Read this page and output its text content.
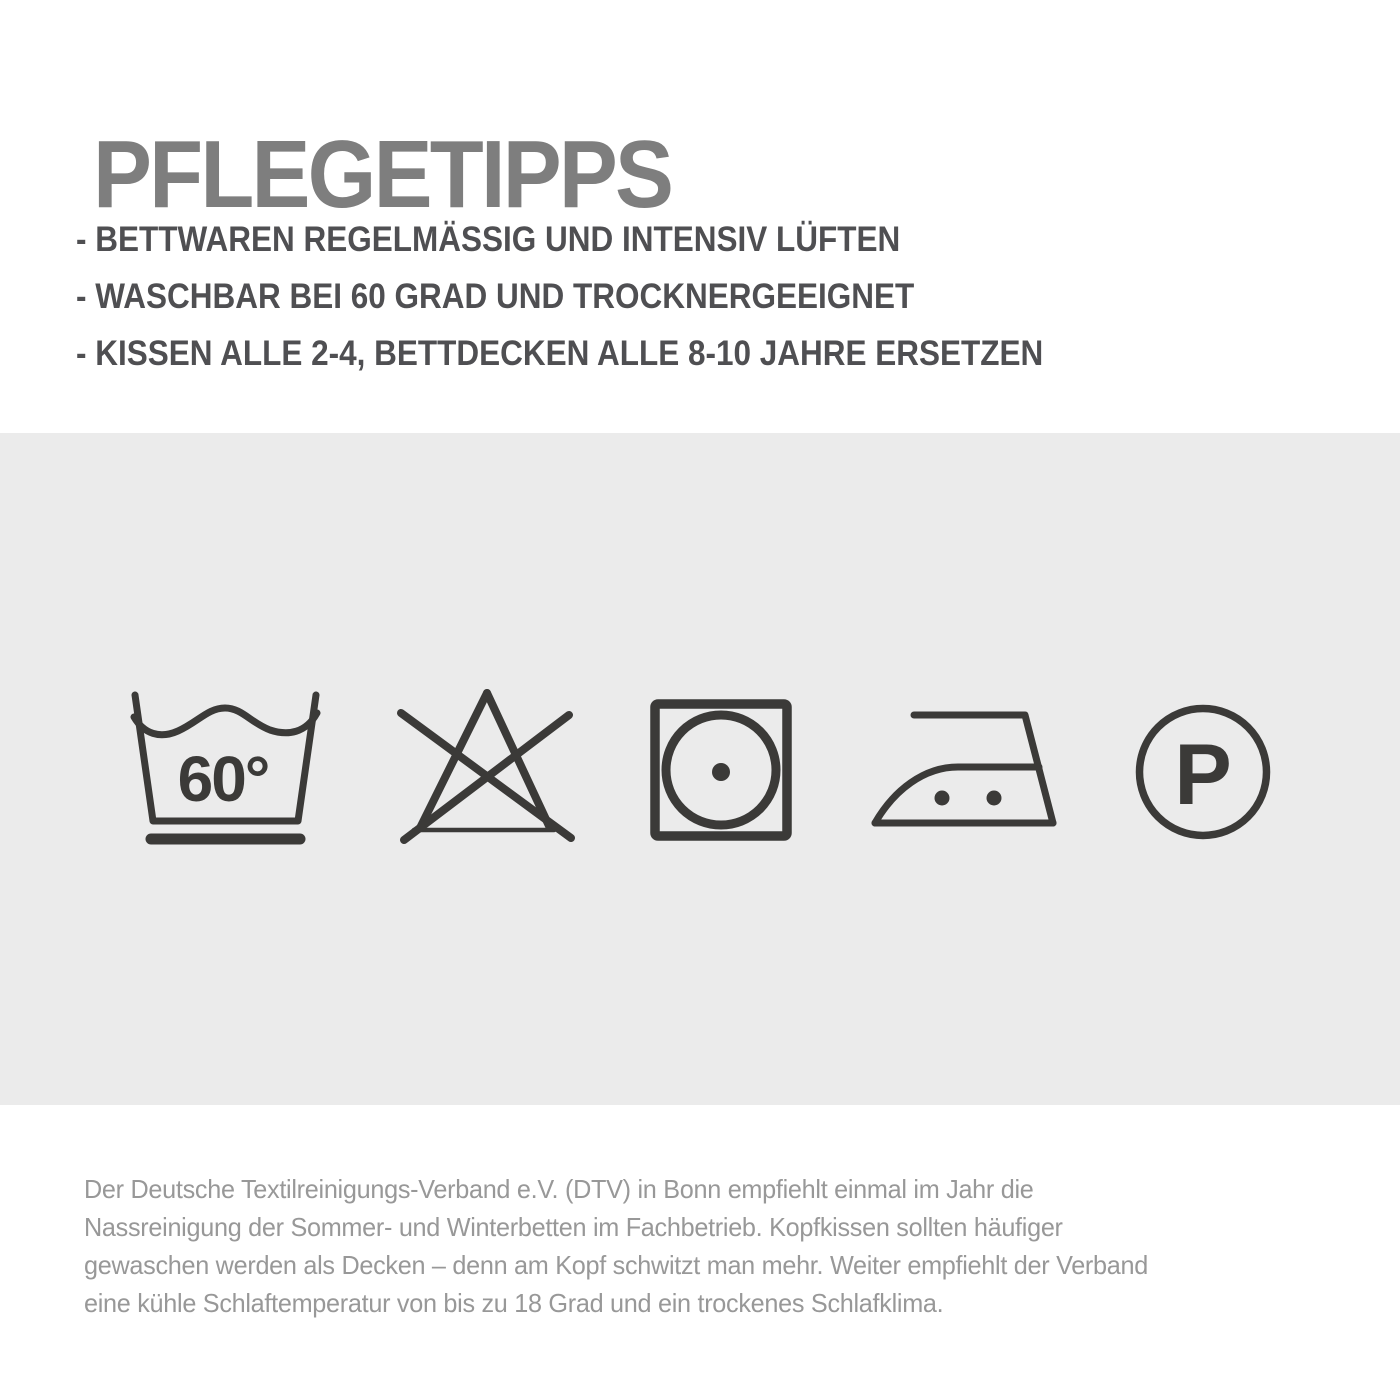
PFLEGETIPPS
- BETTWAREN REGELMÄSSIG UND INTENSIV LÜFTEN
- WASCHBAR BEI 60 GRAD UND TROCKNERGEEIGNET
- KISSEN ALLE 2-4, BETTDECKEN ALLE 8-10 JAHRE ERSETZEN
60°	P
Der Deutsche Textilreinigungs-Verband e.V. (DTV) in Bonn empfiehlt einmal im Jahr die
Nassreinigung der Sommer- und Winterbetten im Fachbetrieb. Kopfkissen sollten häufiger
gewaschen werden als Decken – denn am Kopf schwitzt man mehr. Weiter empfiehlt der Verband
eine kühle Schlaftemperatur von bis zu 18 Grad und ein trockenes Schlafklima.
